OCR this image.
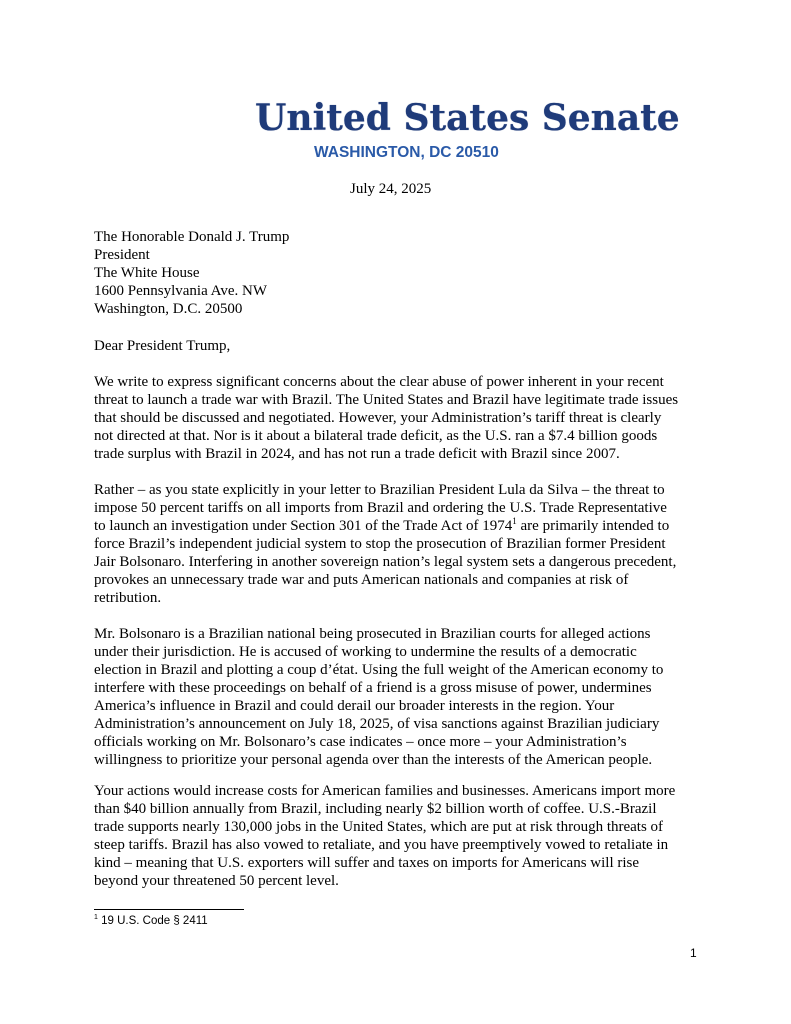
United States Senate
WASHINGTON, DC 20510
July 24, 2025
The Honorable Donald J. Trump
President
The White House
1600 Pennsylvania Ave. NW
Washington, D.C. 20500
Dear President Trump,
We write to express significant concerns about the clear abuse of power inherent in your recent
threat to launch a trade war with Brazil. The United States and Brazil have legitimate trade issues
that should be discussed and negotiated. However, your Administration’s tariff threat is clearly
not directed at that. Nor is it about a bilateral trade deficit, as the U.S. ran a $7.4 billion goods
trade surplus with Brazil in 2024, and has not run a trade deficit with Brazil since 2007.
Rather – as you state explicitly in your letter to Brazilian President Lula da Silva – the threat to
impose 50 percent tariffs on all imports from Brazil and ordering the U.S. Trade Representative
to launch an investigation under Section 301 of the Trade Act of 1974$^1$ are primarily intended to
force Brazil’s independent judicial system to stop the prosecution of Brazilian former President
Jair Bolsonaro. Interfering in another sovereign nation’s legal system sets a dangerous precedent,
provokes an unnecessary trade war and puts American nationals and companies at risk of
retribution.
Mr. Bolsonaro is a Brazilian national being prosecuted in Brazilian courts for alleged actions
under their jurisdiction. He is accused of working to undermine the results of a democratic
election in Brazil and plotting a coup d’état. Using the full weight of the American economy to
interfere with these proceedings on behalf of a friend is a gross misuse of power, undermines
America’s influence in Brazil and could derail our broader interests in the region. Your
Administration’s announcement on July 18, 2025, of visa sanctions against Brazilian judiciary
officials working on Mr. Bolsonaro’s case indicates – once more – your Administration’s
willingness to prioritize your personal agenda over than the interests of the American people.
Your actions would increase costs for American families and businesses. Americans import more
than $40 billion annually from Brazil, including nearly $2 billion worth of coffee. U.S.-Brazil
trade supports nearly 130,000 jobs in the United States, which are put at risk through threats of
steep tariffs. Brazil has also vowed to retaliate, and you have preemptively vowed to retaliate in
kind – meaning that U.S. exporters will suffer and taxes on imports for Americans will rise
beyond your threatened 50 percent level.
$^1$ 19 U.S. Code § 2411
1
